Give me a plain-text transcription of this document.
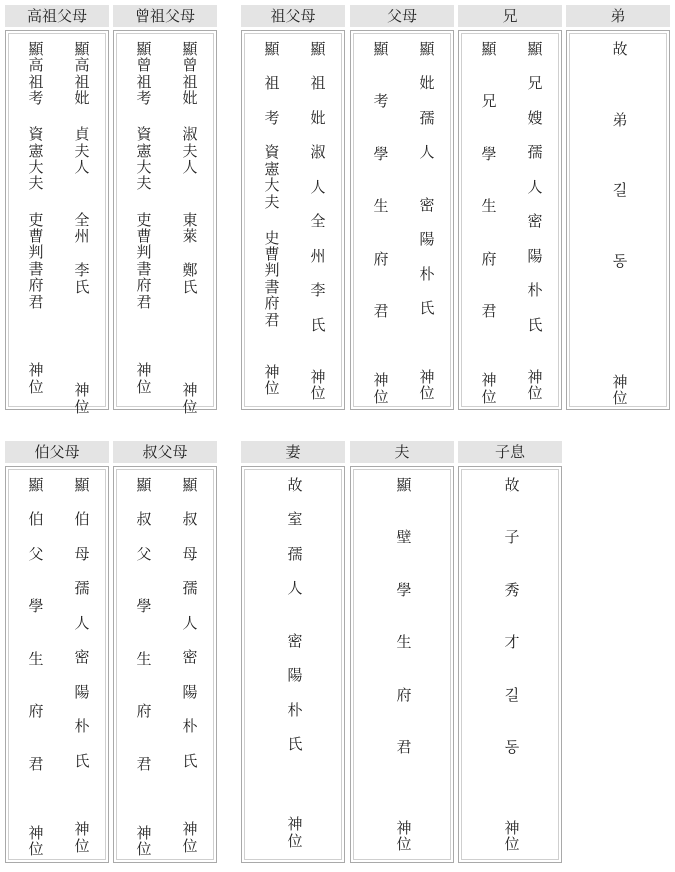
高祖父母
顯
高
祖
考
資
憲
大
夫
吏
曹
判
書
府
君
神
位
顯
高
祖
妣
貞
夫
人
全
州
李
氏
神
位
曾祖父母
顯
曾
祖
考
資
憲
大
夫
吏
曹
判
書
府
君
神
位
顯
曾
祖
妣
淑
夫
人
東
萊
鄭
氏
神
位
祖父母
顯
祖
考
資
憲
大
夫
史
曹
判
書
府
君
神
位
顯
祖
妣
淑
人
全
州
李
氏
神
位
父母
顯
考
學
生
府
君
神
位
顯
妣
孺
人
密
陽
朴
氏
神
位
兄
顯
兄
學
生
府
君
神
位
顯
兄
嫂
孺
人
密
陽
朴
氏
神
位
弟
故
弟
길
동
神
位
伯父母
顯
伯
父
學
生
府
君
神
位
顯
伯
母
孺
人
密
陽
朴
氏
神
位
叔父母
顯
叔
父
學
生
府
君
神
位
顯
叔
母
孺
人
密
陽
朴
氏
神
位
妻
故
室
孺
人
密
陽
朴
氏
神
位
夫
顯
壁
學
生
府
君
神
位
子息
故
子
秀
才
길
동
神
位
